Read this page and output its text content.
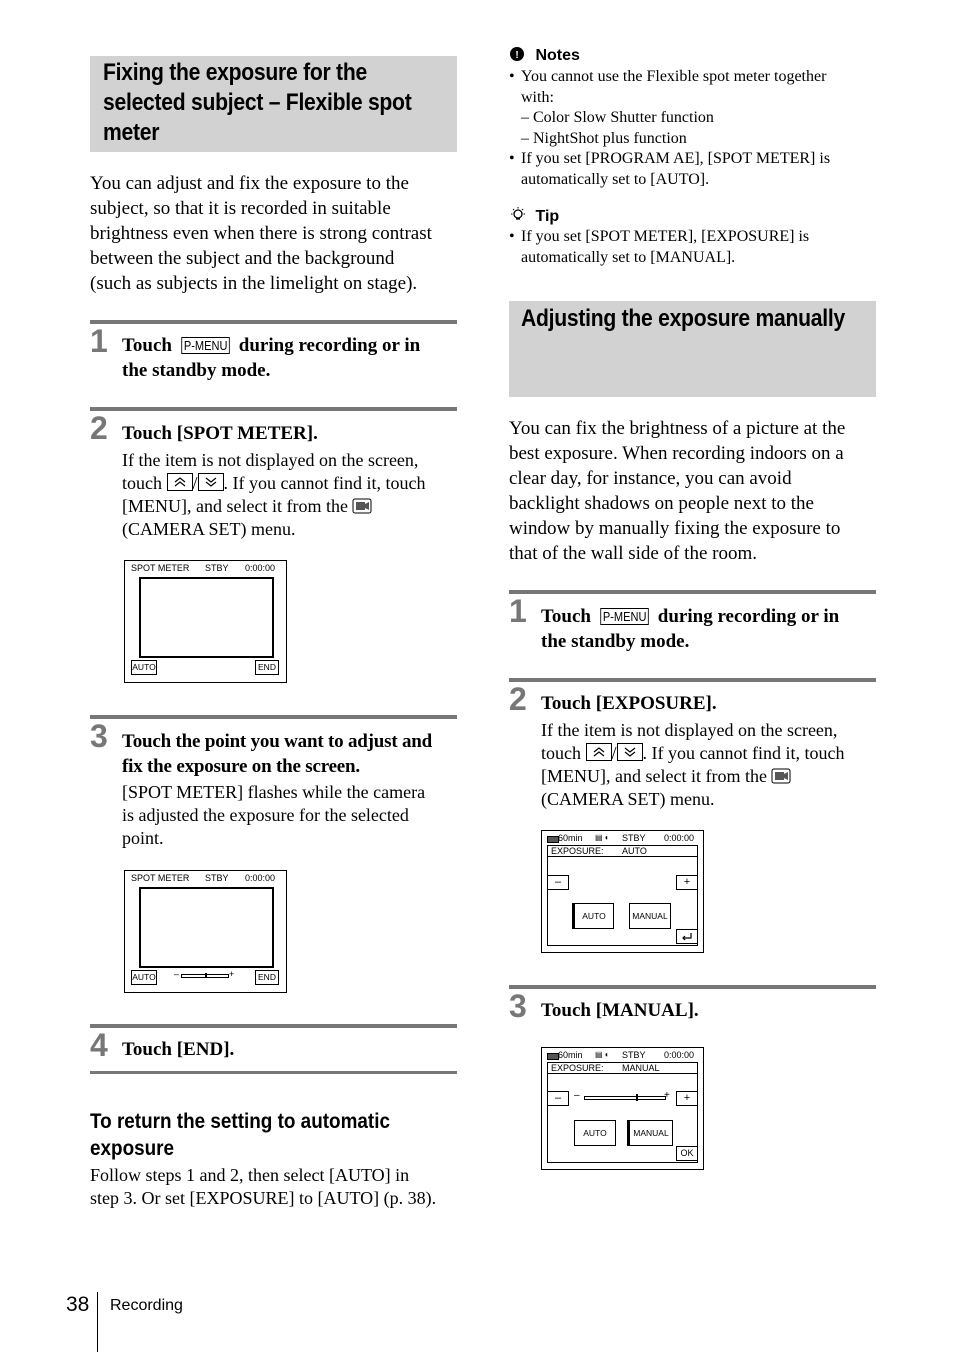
Fixing the exposure for the
selected subject – Flexible spot
meter
You can adjust and fix the exposure to the
subject, so that it is recorded in suitable
brightness even when there is strong contrast
between the subject and the background
(such as subjects in the limelight on stage).
1 Touch P-MENU during recording or in
the standby mode.
2 Touch [SPOT METER].
If the item is not displayed on the screen,
touch / . If you cannot find it, touch
[MENU], and select it from the
(CAMERA SET) menu.
SPOT METER STBY 0:00:00
AUTO	END
3 Touch the point you want to adjust and
fix the exposure on the screen.
[SPOT METER] flashes while the camera
is adjusted the exposure for the selected
point.
SPOT METER STBY 0:00:00
AUTO –	+	END
4 Touch [END].
To return the setting to automatic
exposure
Follow steps 1 and 2, then select [AUTO] in
step 3. Or set [EXPOSURE] to [AUTO] (p. 38).
! Notes
• You cannot use the Flexible spot meter together
with:
– Color Slow Shutter function
– NightShot plus function
• If you set [PROGRAM AE], [SPOT METER] is
automatically set to [AUTO].
Tip
• If you set [SPOT METER], [EXPOSURE] is
automatically set to [MANUAL].
Adjusting the exposure manually
You can fix the brightness of a picture at the
best exposure. When recording indoors on a
clear day, for instance, you can avoid
backlight shadows on people next to the
window by manually fixing the exposure to
that of the wall side of the room.
1 Touch P-MENU during recording or in
the standby mode.
2 Touch [EXPOSURE].
If the item is not displayed on the screen,
touch / . If you cannot find it, touch
[MENU], and select it from the
(CAMERA SET) menu.
60min ▤ ◐ STBY 0:00:00
EXPOSURE: AUTO
–	+
AUTO	MANUAL
3 Touch [MANUAL].
60min ▤ ◐ STBY 0:00:00
EXPOSURE: MANUAL
–	–	+	+
AUTO	MANUAL
OK
38 Recording
